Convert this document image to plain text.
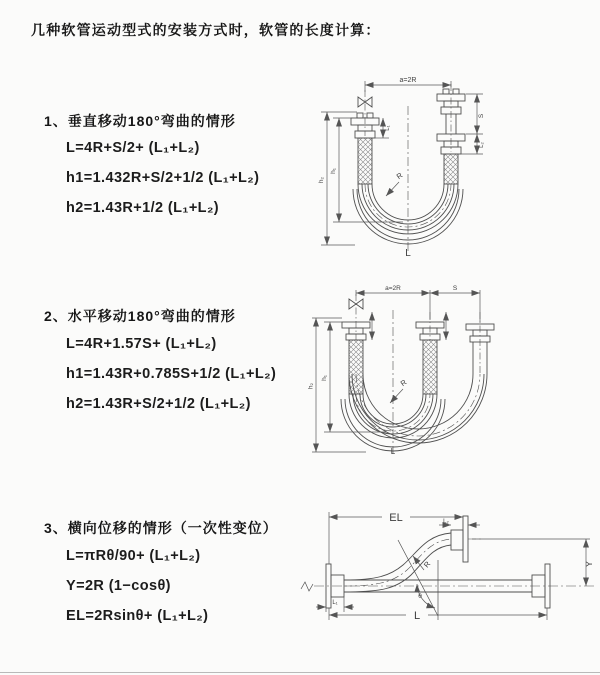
几种软管运动型式的安装方式时，软管的长度计算：
1、垂直移动180°弯曲的情形
L=4R+S/2+ (L₁+L₂)
h1=1.432R+S/2+1/2 (L₁+L₂)
h2=1.43R+1/2 (L₁+L₂)
2、水平移动180°弯曲的情形
L=4R+1.57S+ (L₁+L₂)
h1=1.43R+0.785S+1/2 (L₁+L₂)
h2=1.43R+S/2+1/2 (L₁+L₂)
3、横向位移的情形（一次性变位）
L=πRθ/90+ (L₁+L₂)
Y=2R (1−cosθ)
EL=2Rsinθ+ (L₁+L₂)
a=2R
S
L₂
h₂
h₁
L₁
R
L
a=2R	S
h₂
h₁	R
L
EL	L₂
Y
L
L₁
R
θ
